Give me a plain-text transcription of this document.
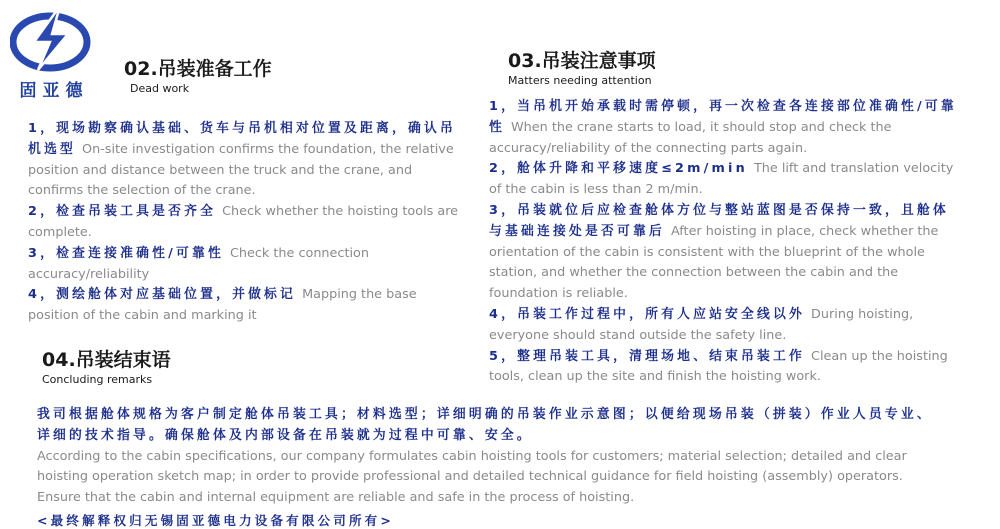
固亚德
02.吊装准备工作
Dead work
1，现场勘察确认基础、货车与吊机相对位置及距离，确认吊机选型 On-site investigation confirms the foundation, the relative position and distance between the truck and the crane, and confirms the selection of the crane.
2，检查吊装工具是否齐全 Check whether the hoisting tools are complete.
3，检查连接准确性/可靠性 Check the connection accuracy/reliability
4，测绘舱体对应基础位置，并做标记 Mapping the base position of the cabin and marking it
03.吊装注意事项
Matters needing attention
1，当吊机开始承载时需停顿，再一次检查各连接部位准确性/可靠性 When the crane starts to load, it should stop and check the accuracy/reliability of the connecting parts again.
2，舱体升降和平移速度≤2m/min The lift and translation velocity of the cabin is less than 2 m/min.
3，吊装就位后应检查舱体方位与整站蓝图是否保持一致，且舱体与基础连接处是否可靠后 After hoisting in place, check whether the orientation of the cabin is consistent with the blueprint of the whole station, and whether the connection between the cabin and the foundation is reliable.
4，吊装工作过程中，所有人应站安全线以外 During hoisting, everyone should stand outside the safety line.
5，整理吊装工具，清理场地、结束吊装工作 Clean up the hoisting tools, clean up the site and finish the hoisting work.
04.吊装结束语
Concluding remarks
我司根据舱体规格为客户制定舱体吊装工具；材料选型；详细明确的吊装作业示意图；以便给现场吊装（拼装）作业人员专业、详细的技术指导。确保舱体及内部设备在吊装就为过程中可靠、安全。
According to the cabin specifications, our company formulates cabin hoisting tools for customers; material selection; detailed and clear hoisting operation sketch map; in order to provide professional and detailed technical guidance for field hoisting (assembly) operators. Ensure that the cabin and internal equipment are reliable and safe in the process of hoisting.
<最终解释权归无锡固亚德电力设备有限公司所有>
